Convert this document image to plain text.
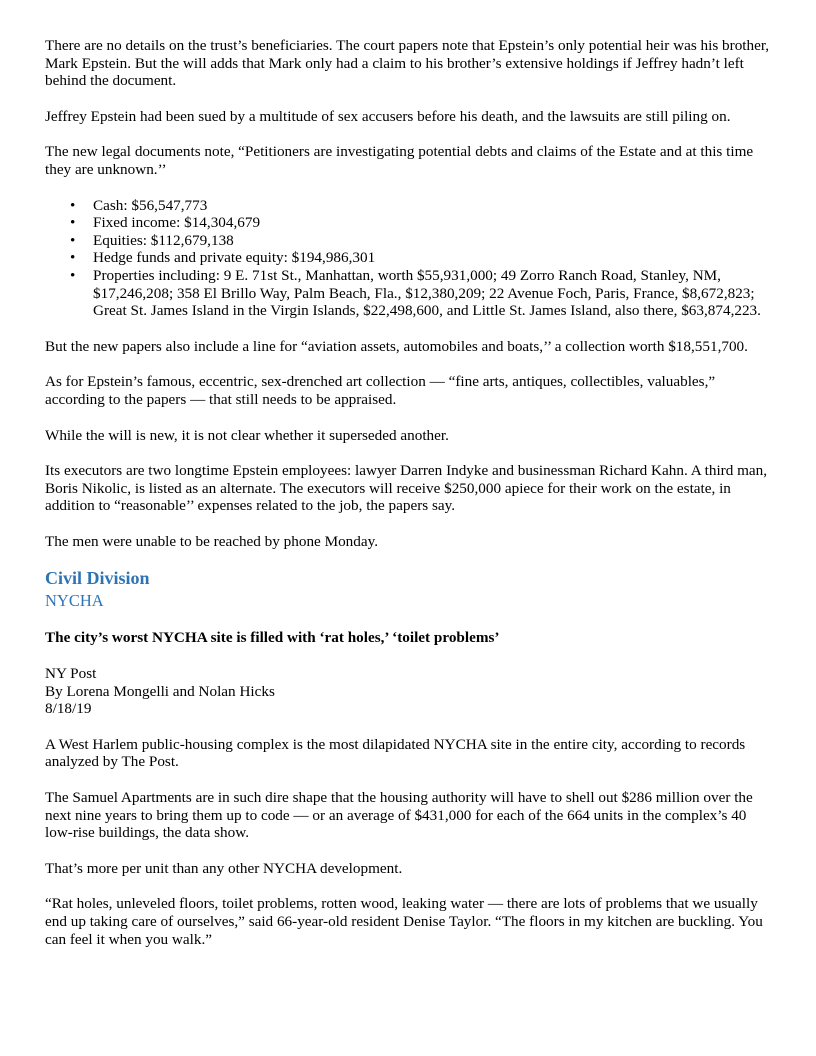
There are no details on the trust’s beneficiaries. The court papers note that Epstein’s only potential heir was his brother, Mark Epstein. But the will adds that Mark only had a claim to his brother’s extensive holdings if Jeffrey hadn’t left behind the document.

Jeffrey Epstein had been sued by a multitude of sex accusers before his death, and the lawsuits are still piling on.

The new legal documents note, “Petitioners are investigating potential debts and claims of the Estate and at this time they are unknown.’’

• Cash: $56,547,773
• Fixed income: $14,304,679
• Equities: $112,679,138
• Hedge funds and private equity: $194,986,301
• Properties including: 9 E. 71st St., Manhattan, worth $55,931,000; 49 Zorro Ranch Road, Stanley, NM, $17,246,208; 358 El Brillo Way, Palm Beach, Fla., $12,380,209; 22 Avenue Foch, Paris, France, $8,672,823; Great St. James Island in the Virgin Islands, $22,498,600, and Little St. James Island, also there, $63,874,223.

But the new papers also include a line for “aviation assets, automobiles and boats,’’ a collection worth $18,551,700.

As for Epstein’s famous, eccentric, sex-drenched art collection — “fine arts, antiques, collectibles, valuables,” according to the papers — that still needs to be appraised.

While the will is new, it is not clear whether it superseded another.

Its executors are two longtime Epstein employees: lawyer Darren Indyke and businessman Richard Kahn. A third man, Boris Nikolic, is listed as an alternate. The executors will receive $250,000 apiece for their work on the estate, in addition to “reasonable’’ expenses related to the job, the papers say.

The men were unable to be reached by phone Monday.

Civil Division
NYCHA

The city’s worst NYCHA site is filled with ‘rat holes,’ ‘toilet problems’

NY Post
By Lorena Mongelli and Nolan Hicks
8/18/19

A West Harlem public-housing complex is the most dilapidated NYCHA site in the entire city, according to records analyzed by The Post.

The Samuel Apartments are in such dire shape that the housing authority will have to shell out $286 million over the next nine years to bring them up to code — or an average of $431,000 for each of the 664 units in the complex’s 40 low-rise buildings, the data show.

That’s more per unit than any other NYCHA development.

“Rat holes, unleveled floors, toilet problems, rotten wood, leaking water — there are lots of problems that we usually end up taking care of ourselves,” said 66-year-old resident Denise Taylor. “The floors in my kitchen are buckling. You can feel it when you walk.”
